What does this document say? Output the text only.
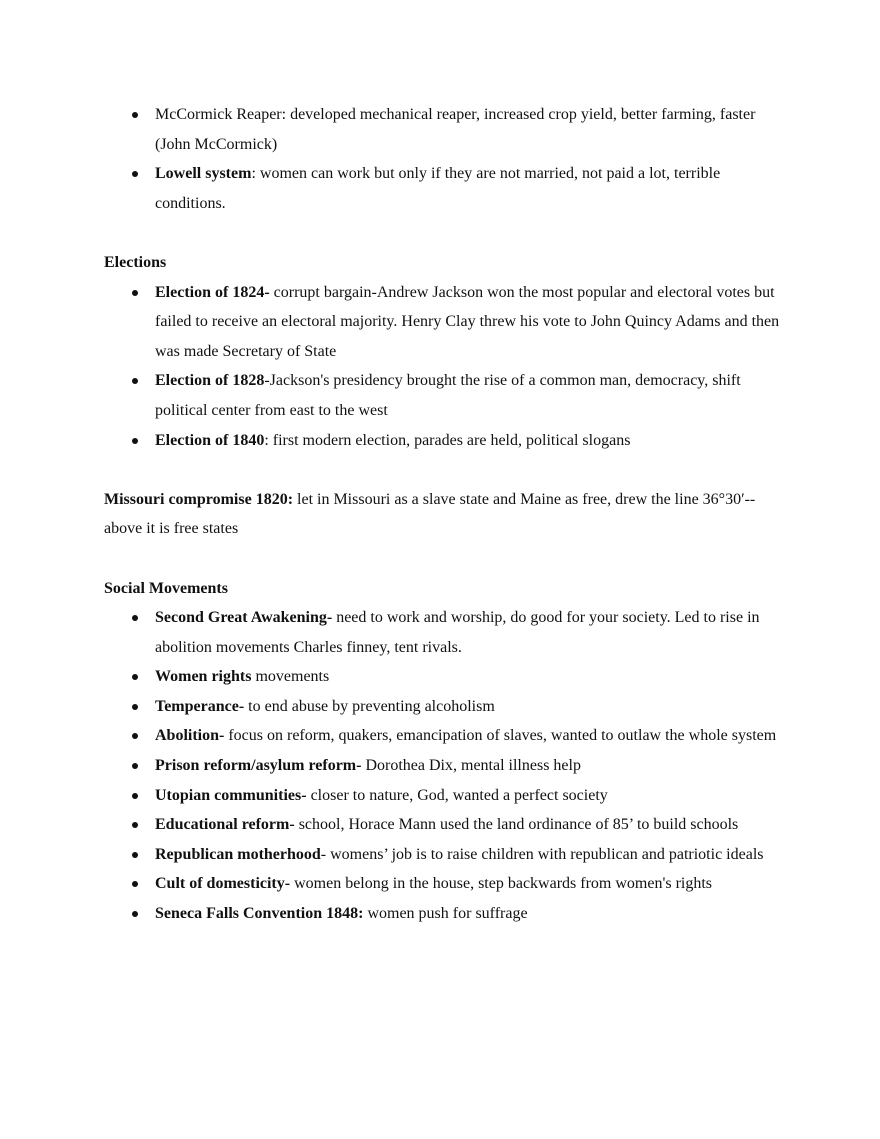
McCormick Reaper: developed mechanical reaper, increased crop yield, better farming, faster (John McCormick)
Lowell system: women can work but only if they are not married, not paid a lot, terrible conditions.

Elections

Election of 1824- corrupt bargain-Andrew Jackson won the most popular and electoral votes but failed to receive an electoral majority. Henry Clay threw his vote to John Quincy Adams and then was made Secretary of State
Election of 1828-Jackson's presidency brought the rise of a common man, democracy, shift political center from east to the west
Election of 1840: first modern election, parades are held, political slogans

Missouri compromise 1820: let in Missouri as a slave state and Maine as free, drew the line 36°30′-- above it is free states

Social Movements

Second Great Awakening- need to work and worship, do good for your society. Led to rise in abolition movements Charles finney, tent rivals.
Women rights movements
Temperance- to end abuse by preventing alcoholism
Abolition- focus on reform, quakers, emancipation of slaves, wanted to outlaw the whole system
Prison reform/asylum reform- Dorothea Dix, mental illness help
Utopian communities- closer to nature, God, wanted a perfect society
Educational reform- school, Horace Mann used the land ordinance of 85’ to build schools
Republican motherhood- womens’ job is to raise children with republican and patriotic ideals
Cult of domesticity- women belong in the house, step backwards from women's rights
Seneca Falls Convention 1848: women push for suffrage
